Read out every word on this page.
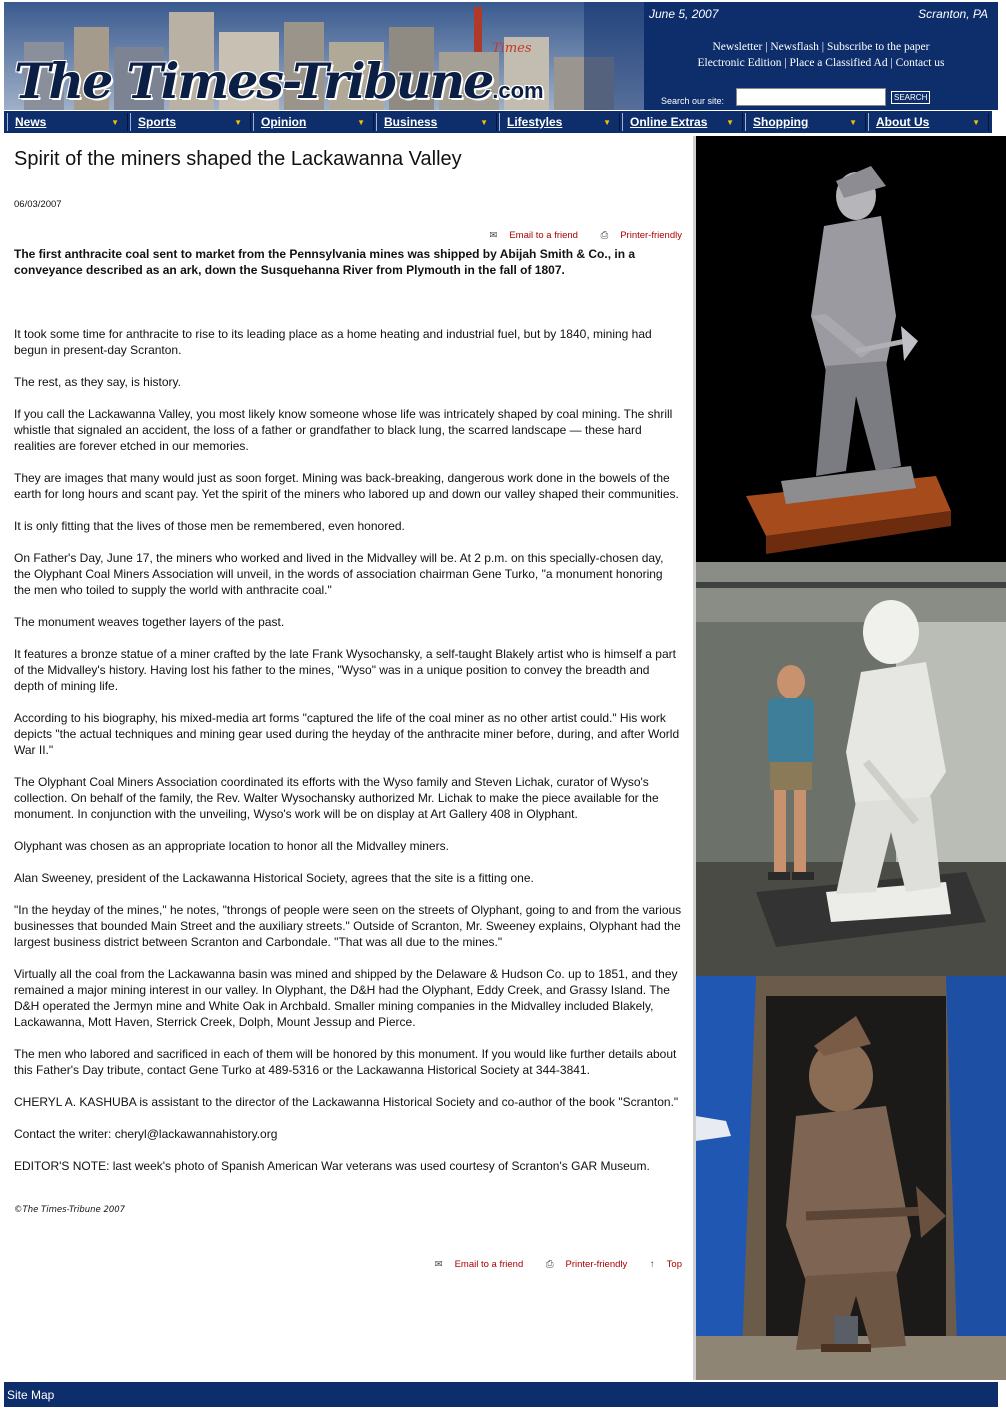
Times
The Times-Tribune.com
June 5, 2007	Scranton, PA
Newsletter | Newsflash | Subscribe to the paper
Electronic Edition | Place a Classified Ad | Contact us
Search our site:	SEARCH
News	▼ Sports	▼ Opinion	▼ Business	▼ Lifestyles	▼ Online Extras ▼ Shopping	▼ About Us	▼
Spirit of the miners shaped the Lackawanna Valley
06/03/2007
✉ Email to a friend ⎙ Printer-friendly
The first anthracite coal sent to market from the Pennsylvania mines was shipped by Abijah Smith & Co., in a conveyance described as an ark, down the Susquehanna River from Plymouth in the fall of 1807.

It took some time for anthracite to rise to its leading place as a home heating and industrial fuel, but by 1840, mining had begun in present-day Scranton.

The rest, as they say, is history.

If you call the Lackawanna Valley, you most likely know someone whose life was intricately shaped by coal mining. The shrill whistle that signaled an accident, the loss of a father or grandfather to black lung, the scarred landscape — these hard realities are forever etched in our memories.

They are images that many would just as soon forget. Mining was back-breaking, dangerous work done in the bowels of the earth for long hours and scant pay. Yet the spirit of the miners who labored up and down our valley shaped their communities.

It is only fitting that the lives of those men be remembered, even honored.

On Father's Day, June 17, the miners who worked and lived in the Midvalley will be. At 2 p.m. on this specially-chosen day, the Olyphant Coal Miners Association will unveil, in the words of association chairman Gene Turko, "a monument honoring the men who toiled to supply the world with anthracite coal."

The monument weaves together layers of the past.

It features a bronze statue of a miner crafted by the late Frank Wysochansky, a self-taught Blakely artist who is himself a part of the Midvalley's history. Having lost his father to the mines, "Wyso" was in a unique position to convey the breadth and depth of mining life.

According to his biography, his mixed-media art forms "captured the life of the coal miner as no other artist could." His work depicts "the actual techniques and mining gear used during the heyday of the anthracite miner before, during, and after World War II."

The Olyphant Coal Miners Association coordinated its efforts with the Wyso family and Steven Lichak, curator of Wyso's collection. On behalf of the family, the Rev. Walter Wysochansky authorized Mr. Lichak to make the piece available for the monument. In conjunction with the unveiling, Wyso's work will be on display at Art Gallery 408 in Olyphant.

Olyphant was chosen as an appropriate location to honor all the Midvalley miners.

Alan Sweeney, president of the Lackawanna Historical Society, agrees that the site is a fitting one.

"In the heyday of the mines," he notes, "throngs of people were seen on the streets of Olyphant, going to and from the various businesses that bounded Main Street and the auxiliary streets." Outside of Scranton, Mr. Sweeney explains, Olyphant had the largest business district between Scranton and Carbondale. "That was all due to the mines."

Virtually all the coal from the Lackawanna basin was mined and shipped by the Delaware & Hudson Co. up to 1851, and they remained a major mining interest in our valley. In Olyphant, the D&H had the Olyphant, Eddy Creek, and Grassy Island. The D&H operated the Jermyn mine and White Oak in Archbald. Smaller mining companies in the Midvalley included Blakely, Lackawanna, Mott Haven, Sterrick Creek, Dolph, Mount Jessup and Pierce.

The men who labored and sacrificed in each of them will be honored by this monument. If you would like further details about this Father's Day tribute, contact Gene Turko at 489-5316 or the Lackawanna Historical Society at 344-3841.

CHERYL A. KASHUBA is assistant to the director of the Lackawanna Historical Society and co-author of the book "Scranton."

Contact the writer: cheryl@lackawannahistory.org

EDITOR'S NOTE: last week's photo of Spanish American War veterans was used courtesy of Scranton's GAR Museum.

©The Times-Tribune 2007
✉ Email to a friend ⎙ Printer-friendly ↑ Top
Site Map
